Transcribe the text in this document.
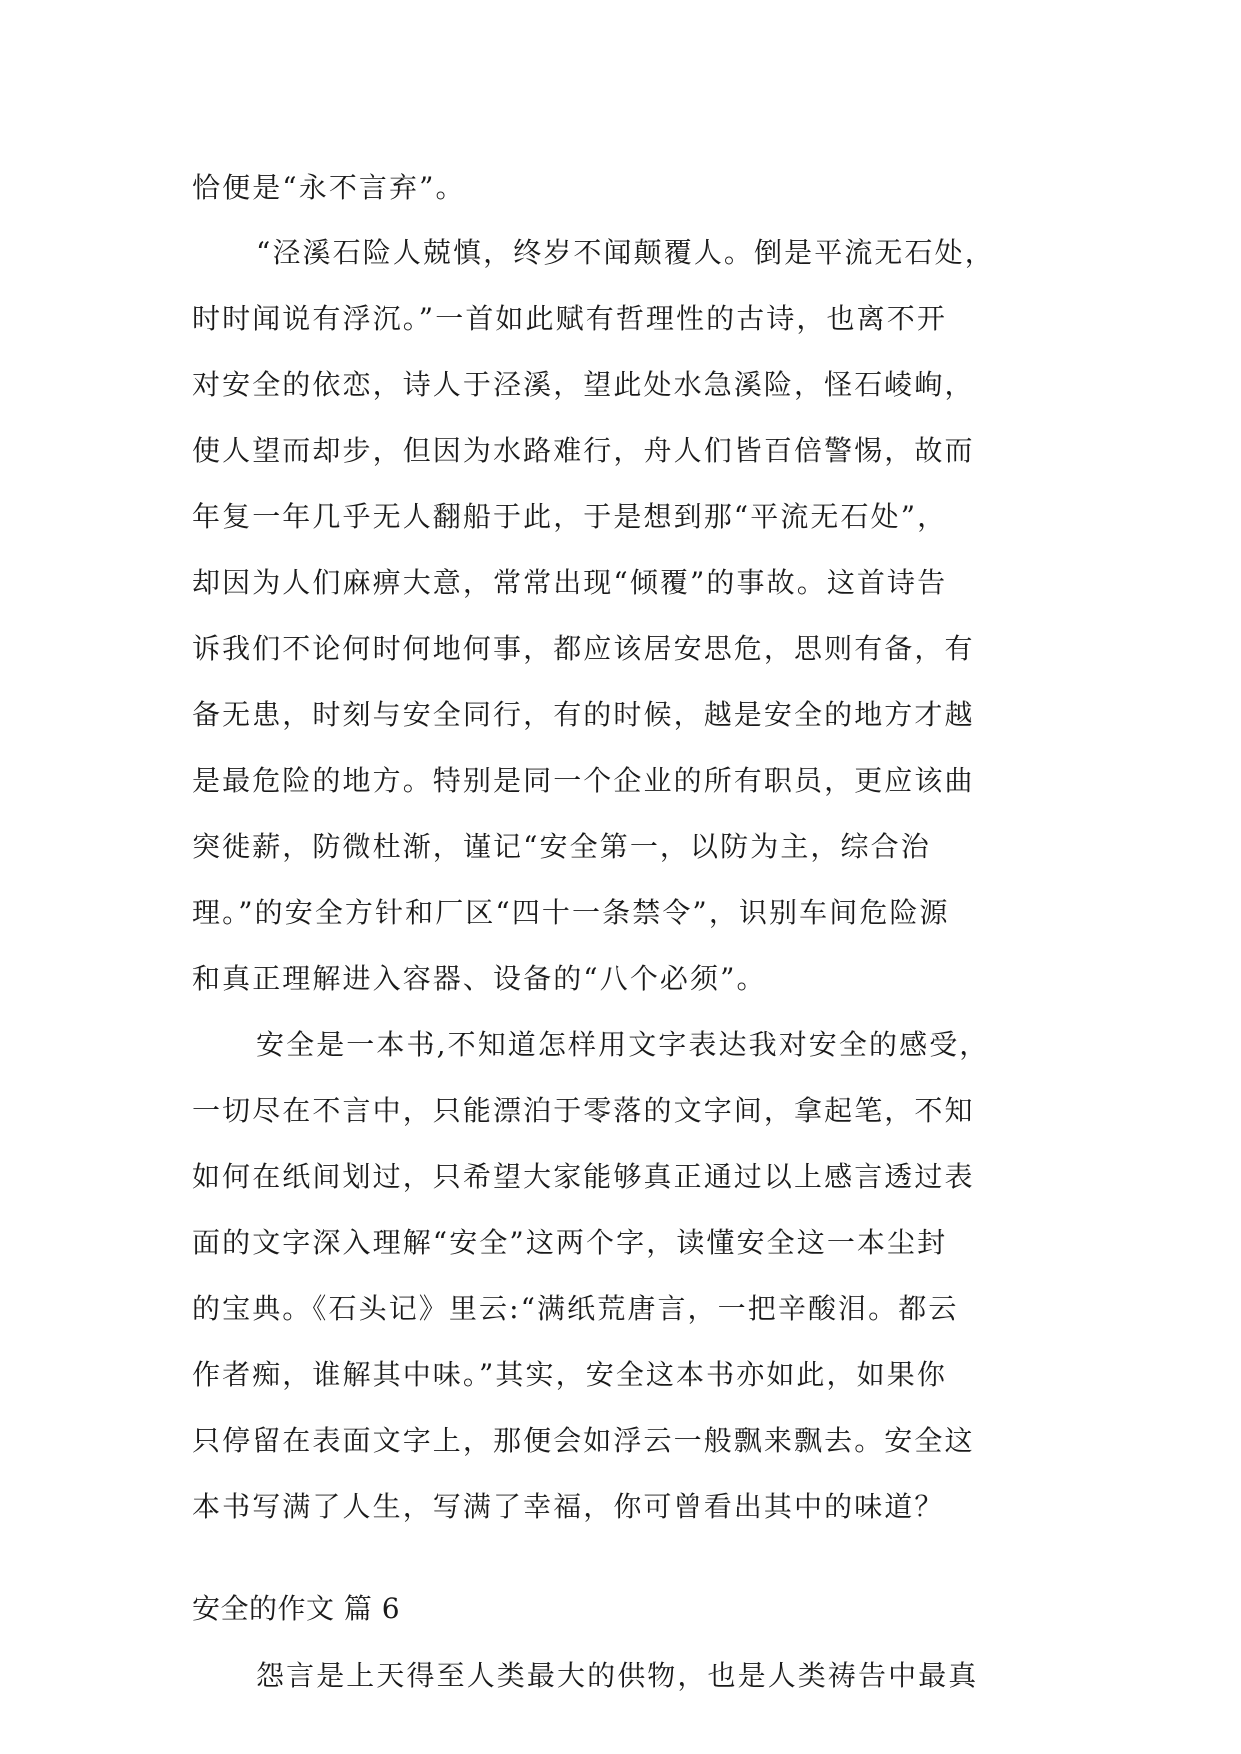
恰便是“永不言弃”。
“泾溪石险人兢慎，终岁不闻颠覆人。倒是平流无石处，
时时闻说有浮沉。”一首如此赋有哲理性的古诗，也离不开
对安全的依恋，诗人于泾溪，望此处水急溪险，怪石崚峋，
使人望而却步，但因为水路难行，舟人们皆百倍警惕，故而
年复一年几乎无人翻船于此，于是想到那“平流无石处”，
却因为人们麻痹大意，常常出现“倾覆”的事故。这首诗告
诉我们不论何时何地何事，都应该居安思危，思则有备，有
备无患，时刻与安全同行，有的时候，越是安全的地方才越
是最危险的地方。特别是同一个企业的所有职员，更应该曲
突徙薪，防微杜渐，谨记“安全第一，以防为主，综合治
理。”的安全方针和厂区“四十一条禁令”，识别车间危险源
和真正理解进入容器、设备的“八个必须”。
安全是一本书,不知道怎样用文字表达我对安全的感受，
一切尽在不言中，只能漂泊于零落的文字间，拿起笔，不知
如何在纸间划过，只希望大家能够真正通过以上感言透过表
面的文字深入理解“安全”这两个字，读懂安全这一本尘封
的宝典。《石头记》里云:“满纸荒唐言，一把辛酸泪。都云
作者痴，谁解其中味。”其实，安全这本书亦如此，如果你
只停留在表面文字上，那便会如浮云一般飘来飘去。安全这
本书写满了人生，写满了幸福，你可曾看出其中的味道？
安全的作文 篇 6
怨言是上天得至人类最大的供物，也是人类祷告中最真
